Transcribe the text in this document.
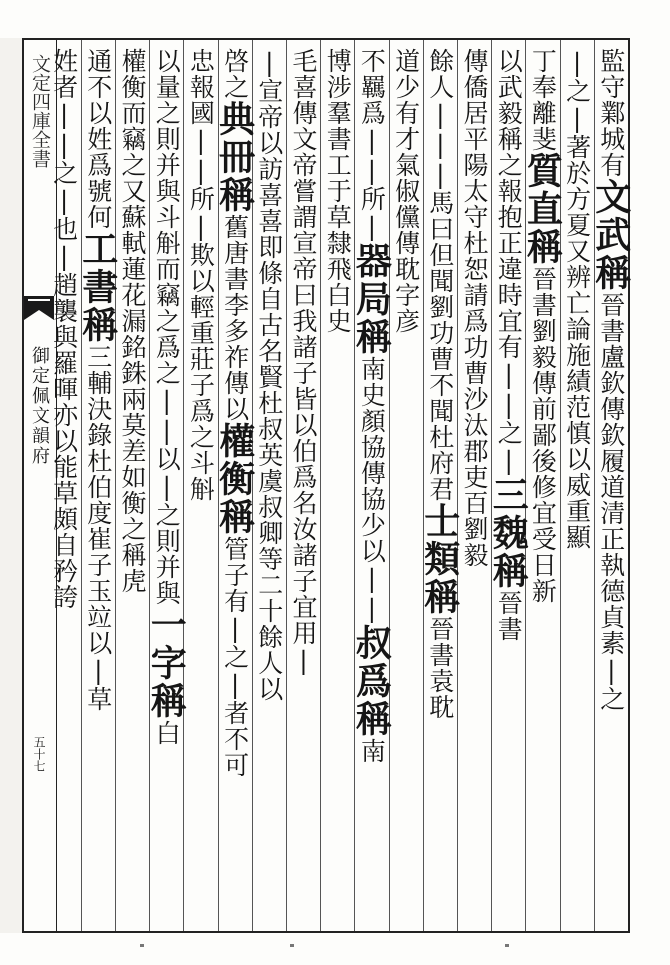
文定四庫全書
御定佩文韻府
五十七
監守鄴城有文武稱晉書盧欽傳欽履道清正執德貞素|之
|之|著於方夏又辨亡論施績范慎以威重顯
丁奉離斐質直稱晉書劉毅傳前鄙後修宜受日新
以武毅稱之報抱正違時宜有||之|三魏稱晉書
傳僑居平陽太守杜恕請爲功曹沙汰郡吏百劉毅
餘人|||馬曰但聞劉功曹不聞杜府君士類稱晉書袁耽
道少有才氣俶儻傳耽字彦
不羈爲||所|器局稱南史顏協傳協少以||叔爲稱南
博涉羣書工于草隸飛白史
毛喜傳文帝嘗謂宣帝曰我諸子皆以伯爲名汝諸子宜用|
|宣帝以訪喜喜即條自古名賢杜叔英虞叔卿等二十餘人以
啓之典冊稱舊唐書李多祚傳以權衡稱管子有|之|者不可
忠報國||所|欺以輕重莊子爲之斗斛
以量之則并與斗斛而竊之爲之||以|之則并與一字稱白
權衡而竊之又蘇軾蓮花漏銘銖兩莫差如衡之稱虎
通不以姓爲號何工書稱三輔決錄杜伯度崔子玉竝以|草
姓者||之|也|趙襲與羅暉亦以能草頗自矜誇
